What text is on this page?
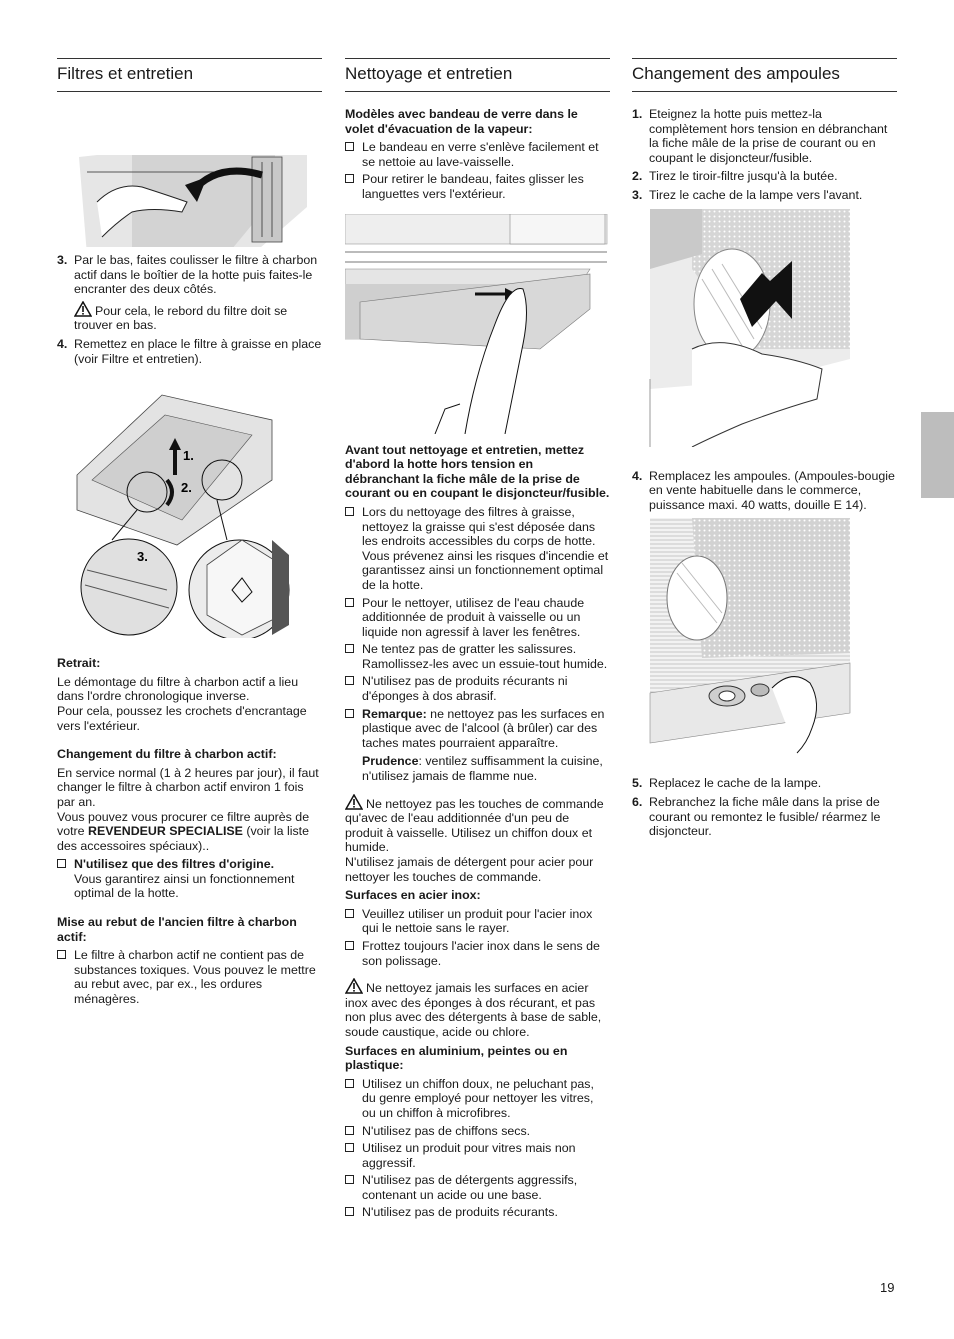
Filtres et entretien
3. Par le bas, faites coulisser le filtre à charbon actif dans le boîtier de la hotte puis faites-le encranter des deux côtés.

Pour cela, le rebord du filtre doit se trouver en bas.

4. Remettez en place le filtre à graisse en place (voir Filtre et entretien).
1.
2.
3.

Retrait:

Le démontage du filtre à charbon actif a lieu dans l'ordre chronologique inverse.

Pour cela, poussez les crochets d'encrantage vers l'extérieur.

Changement du filtre à charbon actif:

En service normal (1 à 2 heures par jour), il faut changer le filtre à charbon actif environ 1 fois par an.

Vous pouvez vous procurer ce filtre auprès de votre REVENDEUR SPECIALISE (voir la liste des accessoires spéciaux)..

N'utilisez que des filtres d'origine.
Vous garantirez ainsi un fonctionnement optimal de la hotte.

Mise au rebut de l'ancien filtre à charbon actif:

Le filtre à charbon actif ne contient pas de substances toxiques. Vous pouvez le mettre au rebut avec, par ex., les ordures ménagères.
Nettoyage et entretien

Modèles avec bandeau de verre dans le volet d'évacuation de la vapeur:

Le bandeau en verre s'enlève facilement et se nettoie au lave-vaisselle.
Pour retirer le bandeau, faites glisser les languettes vers l'extérieur.

Avant tout nettoyage et entretien, mettez d'abord la hotte hors tension en débranchant la fiche mâle de la prise de courant ou en coupant le disjoncteur/fusible.

Lors du nettoyage des filtres à graisse, nettoyez la graisse qui s'est déposée dans les endroits accessibles du corps de hotte. Vous prévenez ainsi les risques d'incendie et garantissez ainsi un fonctionnement optimal de la hotte.
Pour le nettoyer, utilisez de l'eau chaude additionnée de produit à vaisselle ou un liquide non agressif à laver les fenêtres.
Ne tentez pas de gratter les salissures. Ramollissez-les avec un essuie-tout humide.
N'utilisez pas de produits récurants ni d'éponges à dos abrasif.
Remarque: ne nettoyez pas les surfaces en plastique avec de l'alcool (à brûler) car des taches mates pourraient apparaître.
Prudence: ventilez suffisamment la cuisine, n'utilisez jamais de flamme nue.

Ne nettoyez pas les touches de commande qu'avec de l'eau additionnée d'un peu de produit à vaisselle. Utilisez un chiffon doux et humide.

N'utilisez jamais de détergent pour acier pour nettoyer les touches de commande.

Surfaces en acier inox:

Veuillez utiliser un produit pour l'acier inox qui le nettoie sans le rayer.
Frottez toujours l'acier inox dans le sens de son polissage.

Ne nettoyez jamais les surfaces en acier inox avec des éponges à dos récurant, et pas non plus avec des détergents à base de sable, soude caustique, acide ou chlore.

Surfaces en aluminium, peintes ou en plastique:

Utilisez un chiffon doux, ne peluchant pas, du genre employé pour nettoyer les vitres, ou un chiffon à microfibres.
N'utilisez pas de chiffons secs.
Utilisez un produit pour vitres mais non aggressif.
N'utilisez pas de détergents aggressifs, contenant un acide ou une base.
N'utilisez pas de produits récurants.
Changement des ampoules
1. Eteignez la hotte puis mettez-la complètement hors tension en débranchant la fiche mâle de la prise de courant ou en coupant le disjoncteur/fusible.
2. Tirez le tiroir-filtre jusqu'à la butée.
3. Tirez le cache de la lampe vers l'avant.
4. Remplacez les ampoules. (Ampoules-bougie en vente habituelle dans le commerce, puissance maxi. 40 watts, douille E 14).
5. Replacez le cache de la lampe.
6. Rebranchez la fiche mâle dans la prise de courant ou remontez le fusible/ réarmez le disjoncteur.
19
